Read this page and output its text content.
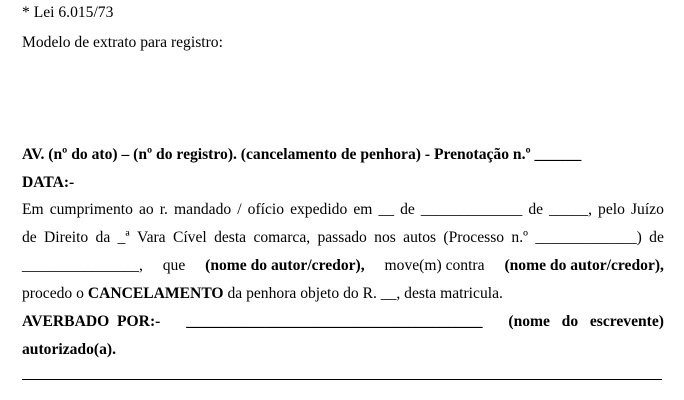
* Lei 6.015/73
Modelo de extrato para registro:
AV. (nº do ato) – (nº do registro). (cancelamento de penhora) - Prenotação n.º ______
DATA:-
Em cumprimento ao r. mandado / ofício expedido em __ de _____________ de _____, pelo Juízo
de Direito da _ª Vara Cível desta comarca, passado nos autos (Processo n.º _____________) de
_______________, que (nome do autor/credor), move(m) contra (nome do autor/credor),
procedo o CANCELAMENTO da penhora objeto do R. __, desta matricula.
AVERBADO  POR:- ______________________________________ (nome   do   escrevente)
autorizado(a).
